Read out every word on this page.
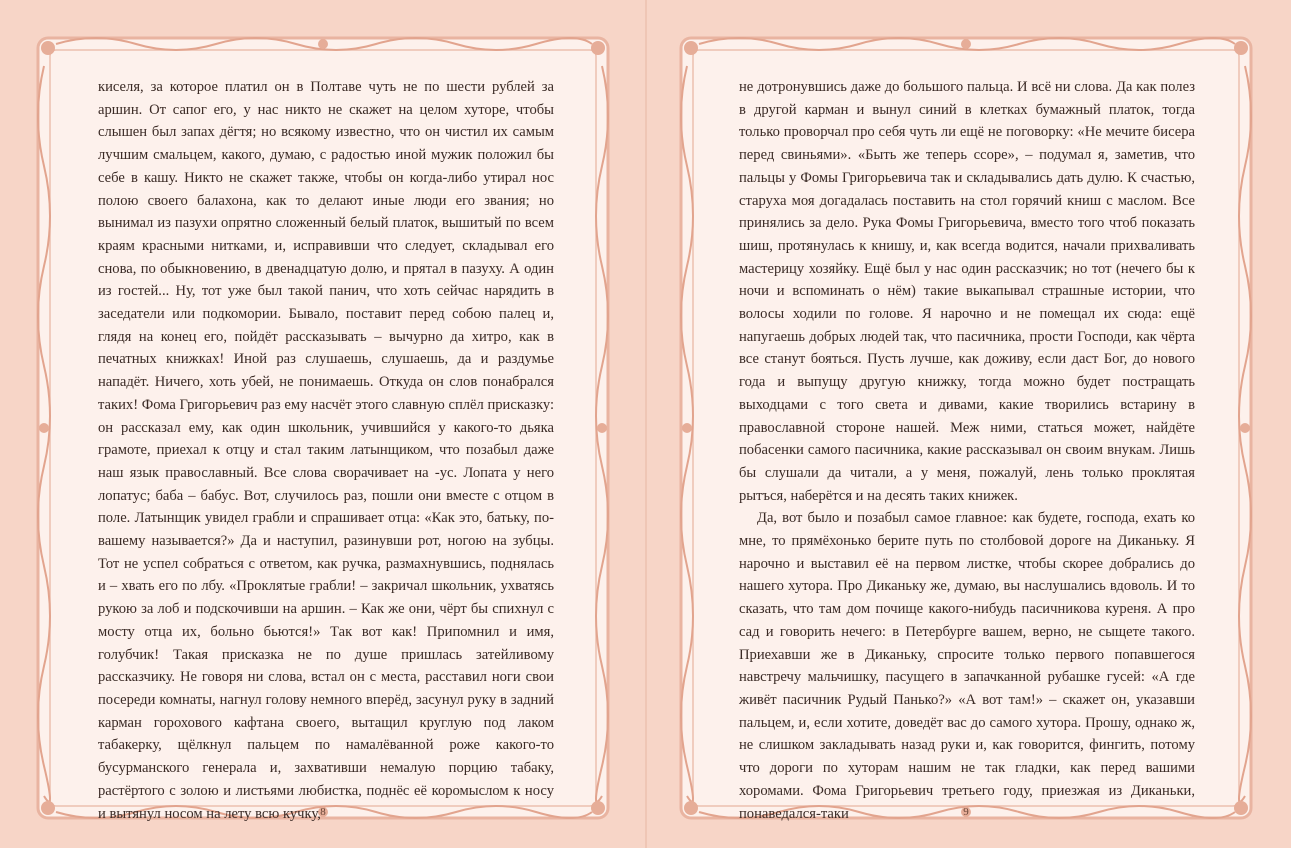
киселя, за которое платил он в Полтаве чуть не по шести рублей за аршин. От сапог его, у нас никто не скажет на целом хуторе, чтобы слышен был запах дёгтя; но всякому известно, что он чистил их самым лучшим смальцем, какого, думаю, с радостью иной мужик положил бы себе в кашу. Никто не скажет также, чтобы он когда-либо утирал нос полою своего балахона, как то делают иные люди его звания; но вынимал из пазухи опрятно сложенный белый платок, вышитый по всем краям красными нитками, и, исправивши что следует, складывал его снова, по обыкновению, в двенадцатую долю, и прятал в пазуху. А один из гостей... Ну, тот уже был такой панич, что хоть сейчас нарядить в заседатели или подкомории. Бывало, поставит перед собою палец и, глядя на конец его, пойдёт рассказывать – вычурно да хитро, как в печатных книжках! Иной раз слушаешь, слушаешь, да и раздумье нападёт. Ничего, хоть убей, не понимаешь. Откуда он слов понабрался таких! Фома Григорьевич раз ему насчёт этого славную сплёл присказку: он рассказал ему, как один школьник, учившийся у какого-то дьяка грамоте, приехал к отцу и стал таким латынщиком, что позабыл даже наш язык православный. Все слова сворачивает на -ус. Лопата у него лопатус; баба – бабус. Вот, случилось раз, пошли они вместе с отцом в поле. Латынщик увидел грабли и спрашивает отца: «Как это, батьку, по-вашему называется?» Да и наступил, разинувши рот, ногою на зубцы. Тот не успел собраться с ответом, как ручка, размахнувшись, поднялась и – хвать его по лбу. «Проклятые грабли! – закричал школьник, ухватясь рукою за лоб и подскочивши на аршин. – Как же они, чёрт бы спихнул с мосту отца их, больно бьются!» Так вот как! Припомнил и имя, голубчик! Такая присказка не по душе пришлась затейливому рассказчику. Не говоря ни слова, встал он с места, расставил ноги свои посереди комнаты, нагнул голову немного вперёд, засунул руку в задний карман горохового кафтана своего, вытащил круглую под лаком табакерку, щёлкнул пальцем по намалёванной роже какого-то бусурманского генерала и, захвативши немалую порцию табаку, растёртого с золою и листьями любистка, поднёс её коромыслом к носу и вытянул носом на лету всю кучку, 8

не дотронувшись даже до большого пальца. И всё ни слова. Да как полез в другой карман и вынул синий в клетках бумажный платок, тогда только проворчал про себя чуть ли ещё не поговорку: «Не мечите бисера перед свиньями». «Быть же теперь ссоре», – подумал я, заметив, что пальцы у Фомы Григорьевича так и складывались дать дулю. К счастью, старуха моя догадалась поставить на стол горячий книш с маслом. Все принялись за дело. Рука Фомы Григорьевича, вместо того чтоб показать шиш, протянулась к книшу, и, как всегда водится, начали прихваливать мастерицу хозяйку. Ещё был у нас один рассказчик; но тот (нечего бы к ночи и вспоминать о нём) такие выкапывал страшные истории, что волосы ходили по голове. Я нарочно и не помещал их сюда: ещё напугаешь добрых людей так, что пасичника, прости Господи, как чёрта все станут бояться. Пусть лучше, как доживу, если даст Бог, до нового года и выпущу другую книжку, тогда можно будет постращать выходцами с того света и дивами, какие творились встарину в православной стороне нашей. Меж ними, статься может, найдёте побасенки самого пасичника, какие рассказывал он своим внукам. Лишь бы слушали да читали, а у меня, пожалуй, лень только проклятая рытъся, наберётся и на десять таких книжек.

Да, вот было и позабыл самое главное: как будете, господа, ехать ко мне, то прямёхонько берите путь по столбовой дороге на Диканьку. Я нарочно и выставил её на первом листке, чтобы скорее добрались до нашего хутора. Про Диканьку же, думаю, вы наслушались вдоволь. И то сказать, что там дом почище какого-нибудь пасичникова куреня. А про сад и говорить нечего: в Петербурге вашем, верно, не сыщете такого. Приехавши же в Диканьку, спросите только первого попавшегося навстречу мальчишку, пасущего в запачканной рубашке гусей: «А где живёт пасичник Рудый Панько?» «А вот там!» – скажет он, указавши пальцем, и, если хотите, доведёт вас до самого хутора. Прошу, однако ж, не слишком закладывать назад руки и, как говорится, фингить, потому что дороги по хуторам нашим не так гладки, как перед вашими хоромами. Фома Григорьевич третьего году, приезжая из Диканьки, понаведался-таки	9
